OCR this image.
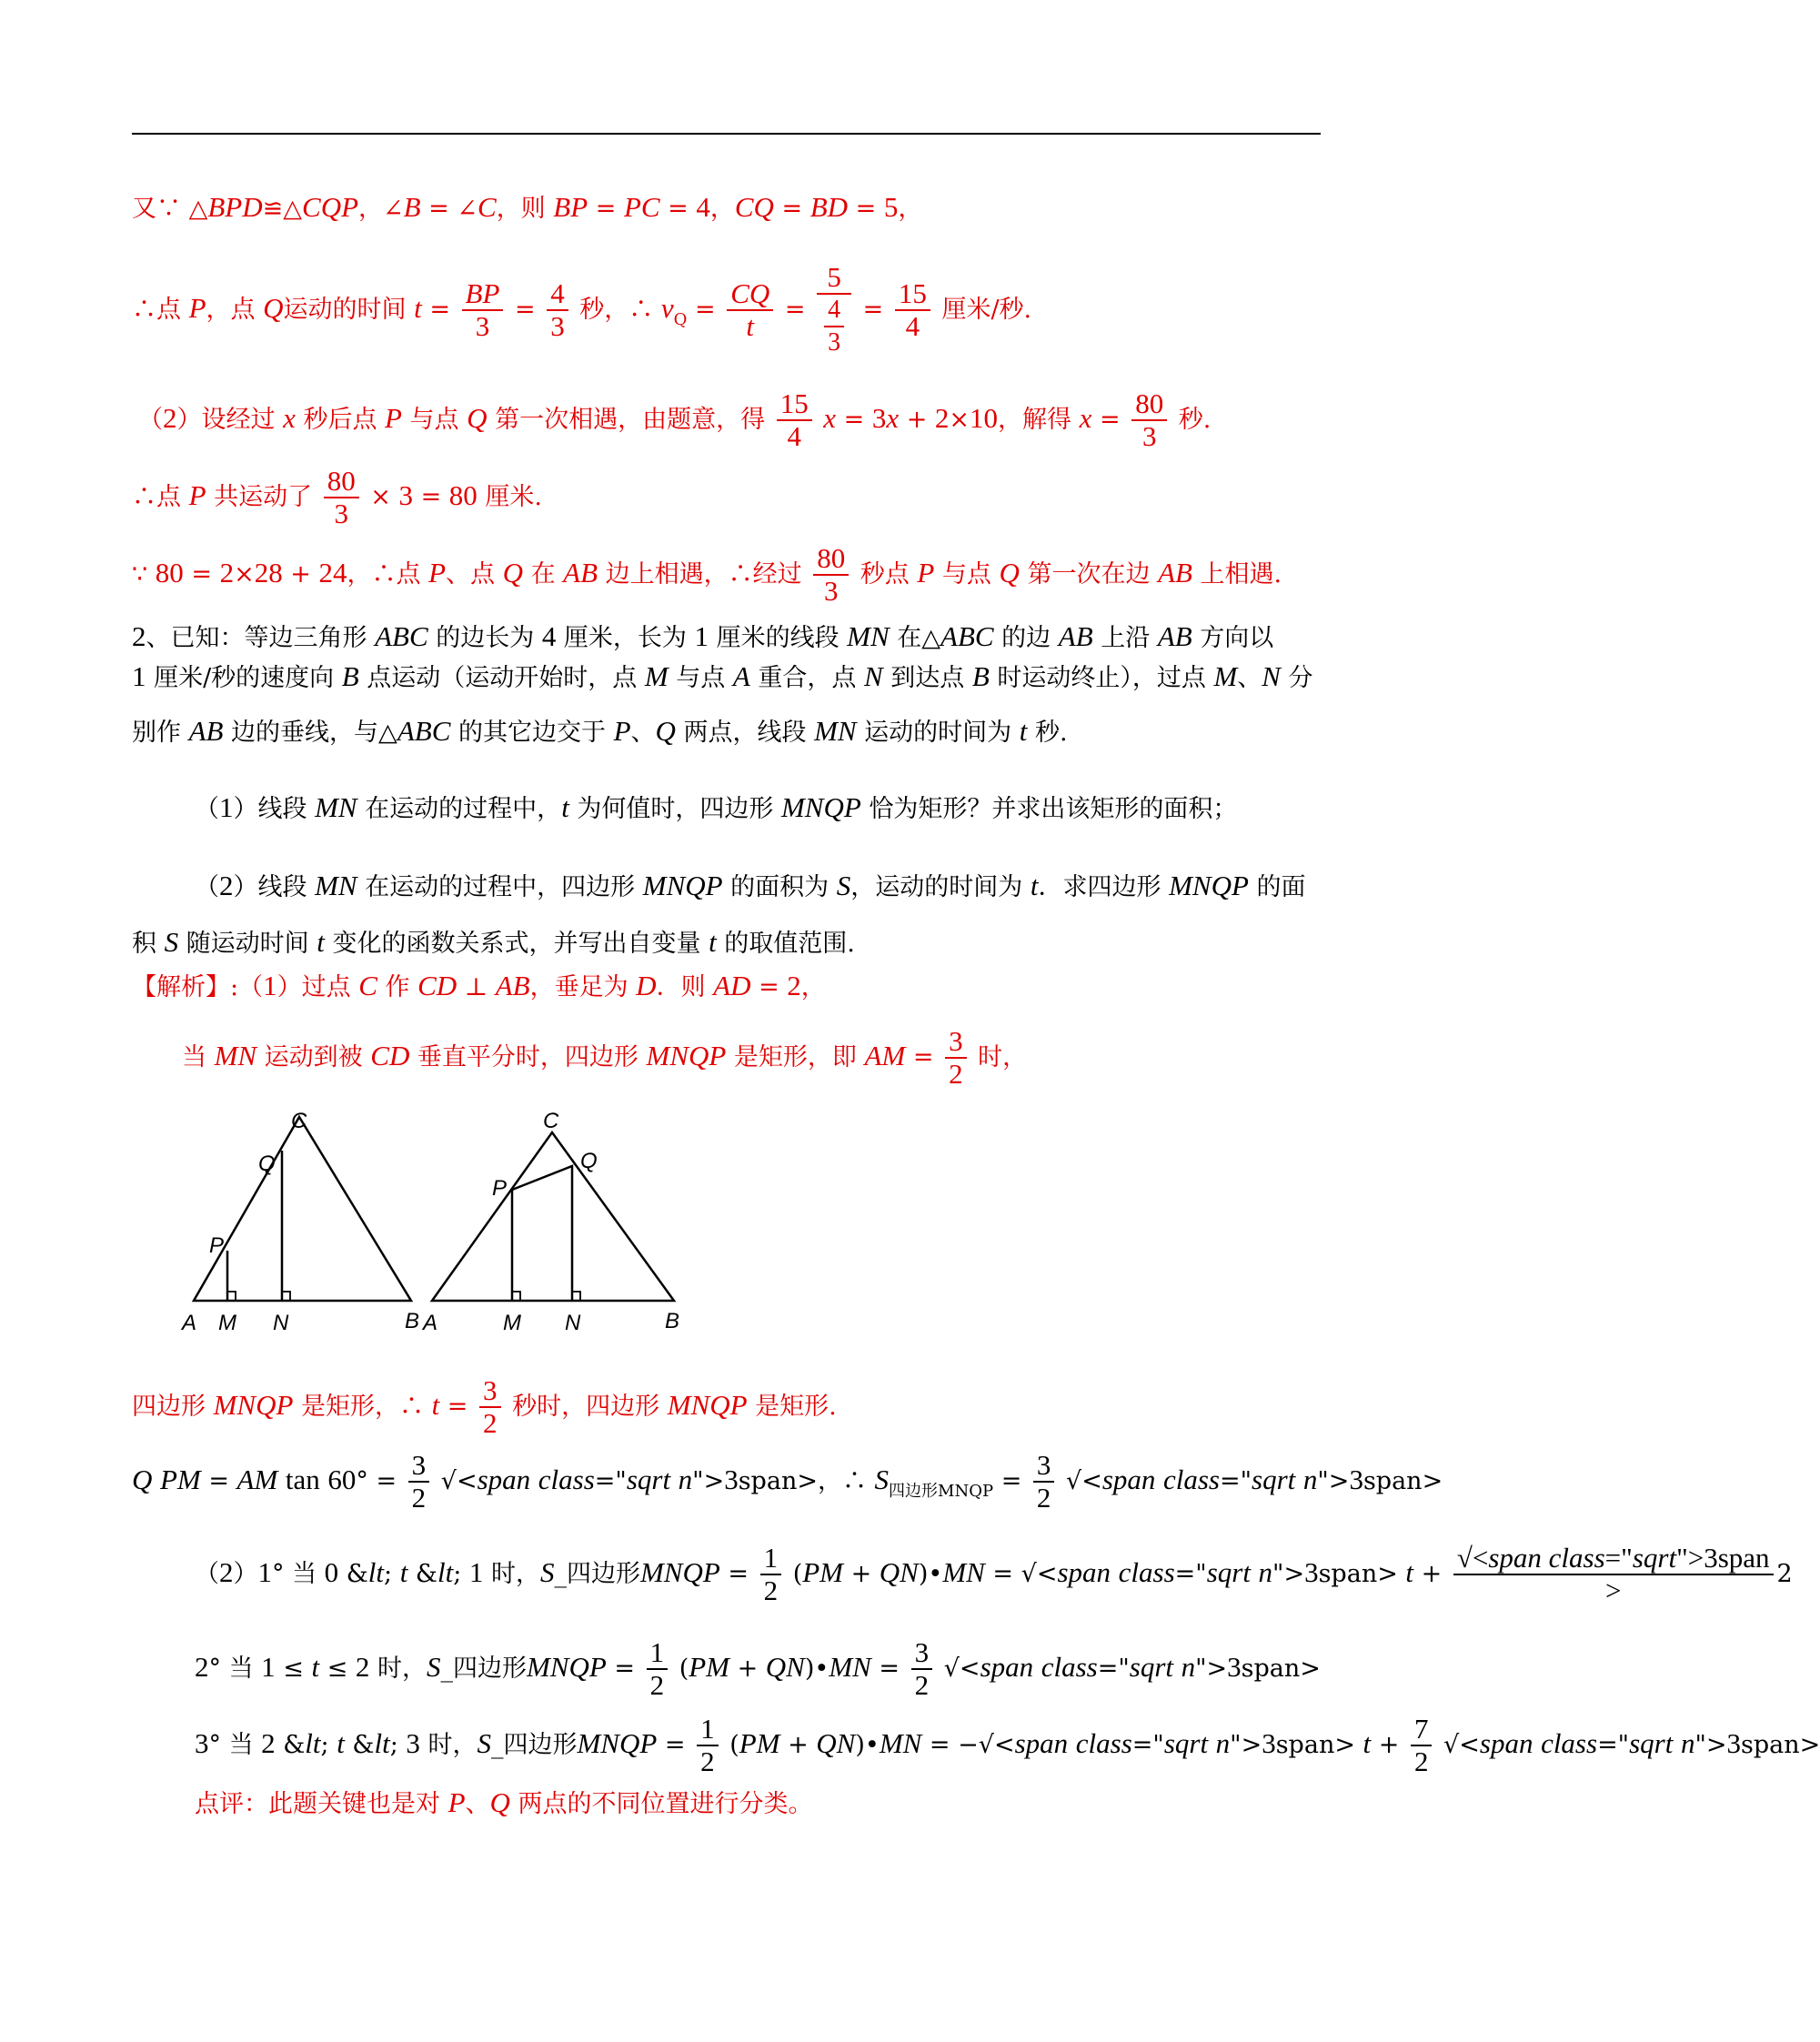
又∵ △BPD≌△CQP，∠B = ∠C，则 BP = PC = 4，CQ = BD = 5，
∴点 P，点 Q运动的时间 $t = \frac{BP}{3} = \frac{4}{3}$ 秒，∴ $v_Q = \frac{CQ}{t} = \frac{5}{\frac{4}{3}} = \frac{15}{4}$ 厘米/秒.
（2）设经过 x 秒后点 P 与点 Q 第一次相遇，由题意，得 $\frac{15}{4}$ x = 3x + 2×10，解得 $x = \frac{80}{3}$ 秒.
∴点 P 共运动了 $\frac{80}{3} \times 3 = 80$ 厘米.
∵ 80 = 2×28 + 24，∴点 P、点 Q 在 AB 边上相遇，∴经过 $\frac{80}{3}$ 秒点 P 与点 Q 第一次在边 AB 上相遇.
2、已知：等边三角形 ABC 的边长为 4 厘米，长为 1 厘米的线段 MN 在△ABC 的边 AB 上沿 AB 方向以
1 厘米/秒的速度向 B 点运动（运动开始时，点 M 与点 A 重合，点 N 到达点 B 时运动终止），过点 M、N 分
别作 AB 边的垂线，与△ABC 的其它边交于 P、Q 两点，线段 MN 运动的时间为 t 秒.
（1）线段 MN 在运动的过程中，t 为何值时，四边形 MNQP 恰为矩形？并求出该矩形的面积；
（2）线段 MN 在运动的过程中，四边形 MNQP 的面积为 S，运动的时间为 t．求四边形 MNQP 的面
积 S 随运动时间 t 变化的函数关系式，并写出自变量 t 的取值范围.
【解析】:（1）过点 C 作 CD ⊥ AB，垂足为 D．则 AD = 2，
当 MN 运动到被 CD 垂直平分时，四边形 MNQP 是矩形，即 AM = $\frac{3}{2}$ 时，
A M N	B
P
Q
C
A	M N	B
P
Q
C
四边形 MNQP 是矩形，∴ $t = \frac{3}{2}$ 秒时，四边形 MNQP 是矩形.
Q PM = AM $\tan 60^\circ = \frac{3}{2}$ √<span class="sqrt n">3span>，∴ $S_{四边形MNQP} = \frac{3}{2}$ √<span class="sqrt n">3span>
（2）1° 当 0 &lt; t &lt; 1 时，S_四边形MNQP = $\frac{1}{2} (PM$ + QN)•MN = √<span class="sqrt n">3span> t + √<span class="sqrt">3span
>2
2° 当 1 ≤ t ≤ 2 时，S_四边形MNQP = $\frac{1}{2} (PM$ + QN)•MN = $\frac{3}{2}$ √<span class="sqrt n">3span>
3° 当 2 &lt; t &lt; 3 时，S_四边形MNQP = $\frac{1}{2} (PM$ + QN)•MN = −√<span class="sqrt n">3span> $t + \frac{7}{2}$ √<span class="sqrt n">3span>
点评：此题关键也是对 P、Q 两点的不同位置进行分类。
